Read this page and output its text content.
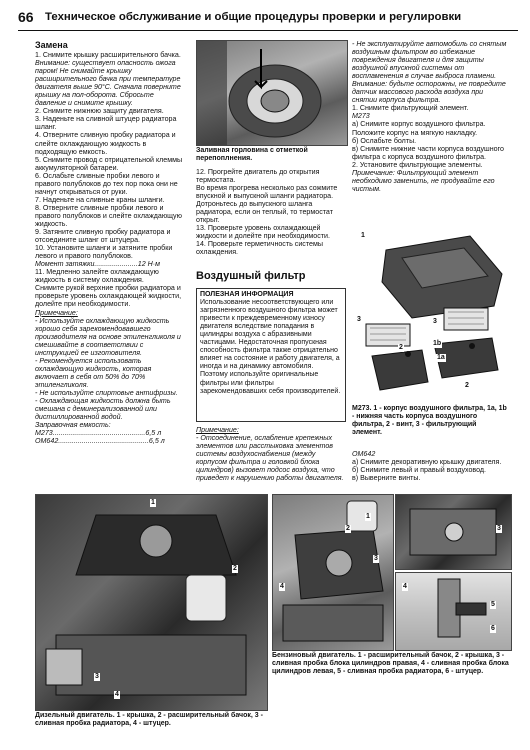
66 Техническое обслуживание и общие процедуры проверки и регулировки

Замена

1. Снимите крышку расширительного бачка.

Внимание: существует опасность ожога паром! Не снимайте крышку расширительного бачка при температуре двигателя выше 90°С. Сначала поверните крышку на пол-оборота. Сбросьте давление и снимите крышку.

2. Снимите нижнюю защиту двигателя.

3. Наденьте на сливной штуцер радиатора шланг.

4. Отверните сливную пробку радиатора и слейте охлаждающую жидкость в подходящую емкость.

5. Снимите провод с отрицательной клеммы аккумуляторной батареи.

6. Ослабьте сливные пробки левого и правого полублоков до тех пор пока они не начнут открываться от руки.

7. Наденьте на сливные краны шланги.

8. Отверните сливные пробки левого и правого полублоков и слейте охлаждающую жидкость.

9. Затяните сливную пробку радиатора и отсоедините шланг от штуцера.

10. Установите шланги и затяните пробки левого и правого полублоков.

Момент затяжки......................12 Н·м

11. Медленно залейте охлаждающую жидкость в систему охлаждения.

Снимите рукой верхние пробки радиатора и проверьте уровень охлаждающей жидкости, долейте при необходимости.

Примечание:

- Используйте охлаждающую жидкость хорошо себя зарекомендовавшего производителя на основе этиленгликоля и смешивайте в соответствии с инструкцией ее изготовителя.

- Рекомендуется использовать охлаждающую жидкость, которая включает в себя от 50% до 70% этиленгликоля.

- Не используйте спиртовые антифризы.

- Охлаждающая жидкость должна быть смешана с деминерализованной или дистиллированной водой.

Заправочная емкость:

М273...............................................6,5 л

ОМ642..............................................6,5 л

Заливная горловина с отметкой перепоплнения.

12. Прогрейте двигатель до открытия термостата.

Во время прогрева несколько раз сожмите впускной и выпускной шланги радиатора.

Дотроньтесь до выпускного шланга радиатора, если он теплый, то термостат открыт.

13. Проверьте уровень охлаждающей жидкости и долейте при необходимости.

14. Проверьте герметичность системы охлаждения.

Воздушный фильтр

ПОЛЕЗНАЯ ИНФОРМАЦИЯ

Использование несоответствующего или загрязненного воздушного фильтра может привести к преждевременному износу двигателя вследствие попадания в цилиндры воздуха с абразивными частицами. Недостаточная пропускная способность фильтра также отрицательно влияет на состояние и работу двигателя, а иногда и на динамику автомобиля. Поэтому используйте оригинальные фильтры или фильтры зарекомендовавших себя производителей.

Примечание:

- Отсоединение, ослабление крепежных элементов или расстыковка элементов системы воздухоснабжения (между корпусом фильтра и головкой блока цилиндров) вызовет подсос воздуха, что приведет к нарушению работы двигателя.

- Не эксплуатируйте автомобиль со снятым воздушным фильтром во избежание повреждения двигателя и для защиты воздушной впускной системы от воспламенения в случае выброса пламени.

Внимание: будьте осторожны, не повредите датчик массового расхода воздуха при снятии корпуса фильтра.

1. Снимите фильтрующий элемент.

М273

а) Снимите корпус воздушного фильтра. Положите корпус на мягкую накладку.

б) Ослабьте болты.

в) Снимите нижние части корпуса воздушного фильтра с корпуса воздушного фильтра.

2. Установите фильтрующие элементы.

Примечание: Фильтрующий элемент необходимо заменить, не продувайте его чистым.

1
3	3
1b
1a
2
2
М273. 1 - корпус воздушного фильтра, 1а, 1b - нижняя часть корпуса воздушного фильтра, 2 - винт, 3 - фильтрующий элемент.

ОМ642

а) Снимите декоративную крышку двигателя.

б) Снимите левый и правый воздуховод.

в) Выверните винты.

1
2
3
4
Дизельный двигатель. 1 - крышка, 2 - расширительный бачок, 3 - сливная пробка радиатора, 4 - штуцер.
1
2
3
4
3
4
5
6
Бензиновый двигатель. 1 - расширительный бачок, 2 - крышка, 3 - сливная пробка блока цилиндров правая, 4 - сливная пробка блока цилиндров левая, 5 - сливная пробка радиатора, 6 - штуцер.
